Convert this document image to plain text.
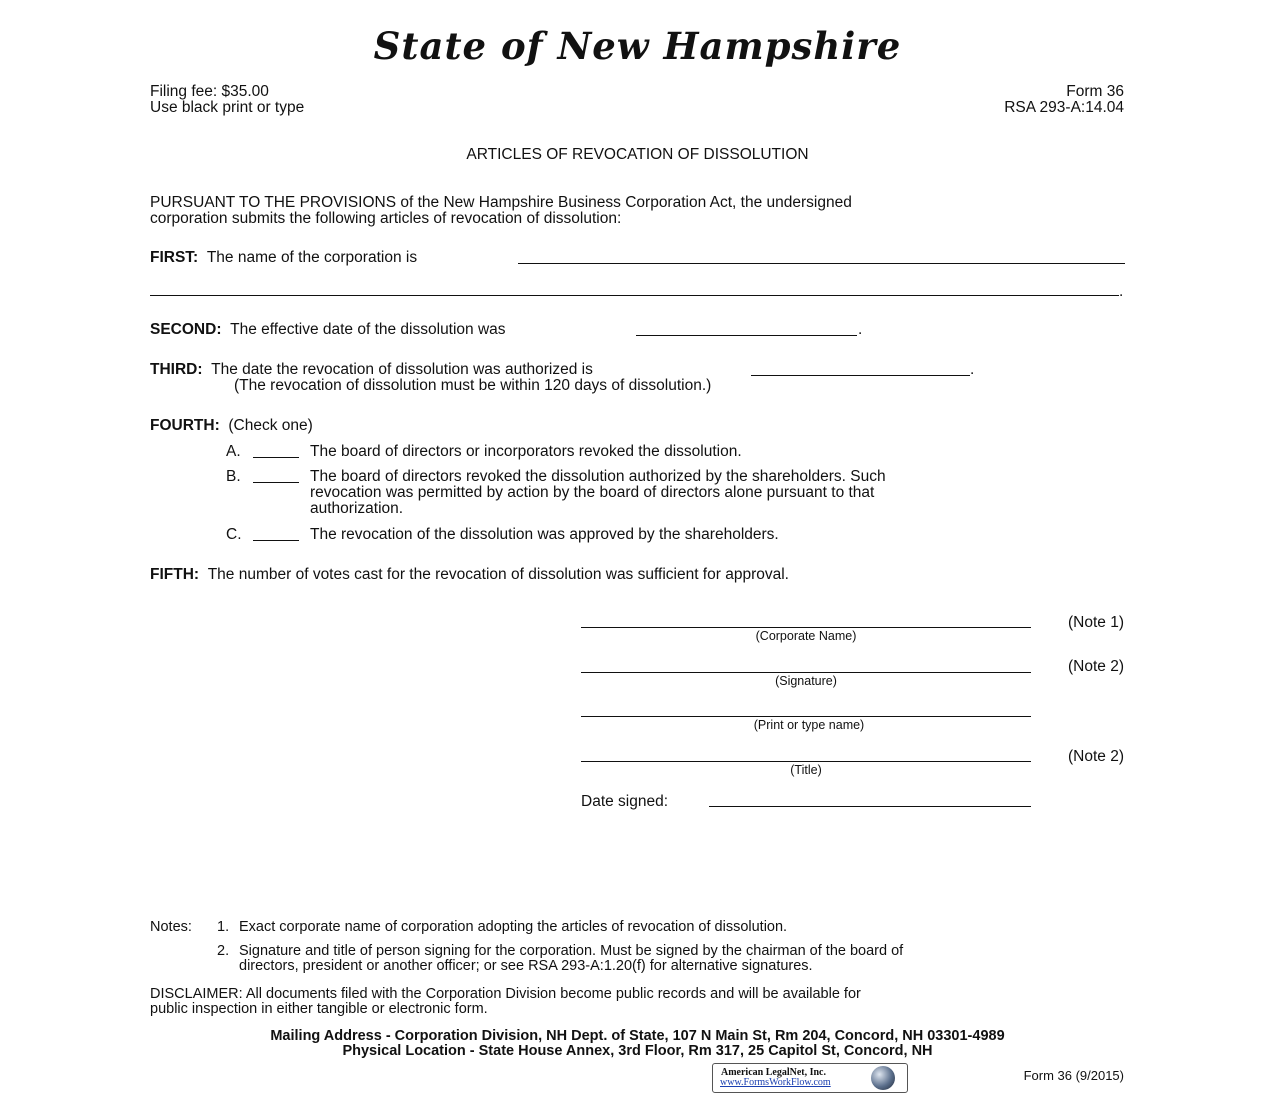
State of New Hampshire
Filing fee: $35.00
Use black print or type
Form 36
RSA 293-A:14.04
ARTICLES OF REVOCATION OF DISSOLUTION
PURSUANT TO THE PROVISIONS of the New Hampshire Business Corporation Act, the undersigned
corporation submits the following articles of revocation of dissolution:
FIRST: The name of the corporation is
.
SECOND: The effective date of the dissolution was	.
THIRD: The date the revocation of dissolution was authorized is	.
(The revocation of dissolution must be within 120 days of dissolution.)
FOURTH: (Check one)
A.	The board of directors or incorporators revoked the dissolution.
B.	The board of directors revoked the dissolution authorized by the shareholders. Such
revocation was permitted by action by the board of directors alone pursuant to that
authorization.
C.	The revocation of the dissolution was approved by the shareholders.
FIFTH: The number of votes cast for the revocation of dissolution was sufficient for approval.
(Note 1)
(Corporate Name)
(Note 2)
(Signature)
(Print or type name)
(Note 2)
(Title)
Date signed:
Notes: 1. Exact corporate name of corporation adopting the articles of revocation of dissolution.
2. Signature and title of person signing for the corporation. Must be signed by the chairman of the board of
directors, president or another officer; or see RSA 293-A:1.20(f) for alternative signatures.
DISCLAIMER: All documents filed with the Corporation Division become public records and will be available for
public inspection in either tangible or electronic form.
Mailing Address - Corporation Division, NH Dept. of State, 107 N Main St, Rm 204, Concord, NH 03301-4989
Physical Location - State House Annex, 3rd Floor, Rm 317, 25 Capitol St, Concord, NH
American LegalNet, Inc.
www.FormsWorkFlow.com	Form 36 (9/2015)
